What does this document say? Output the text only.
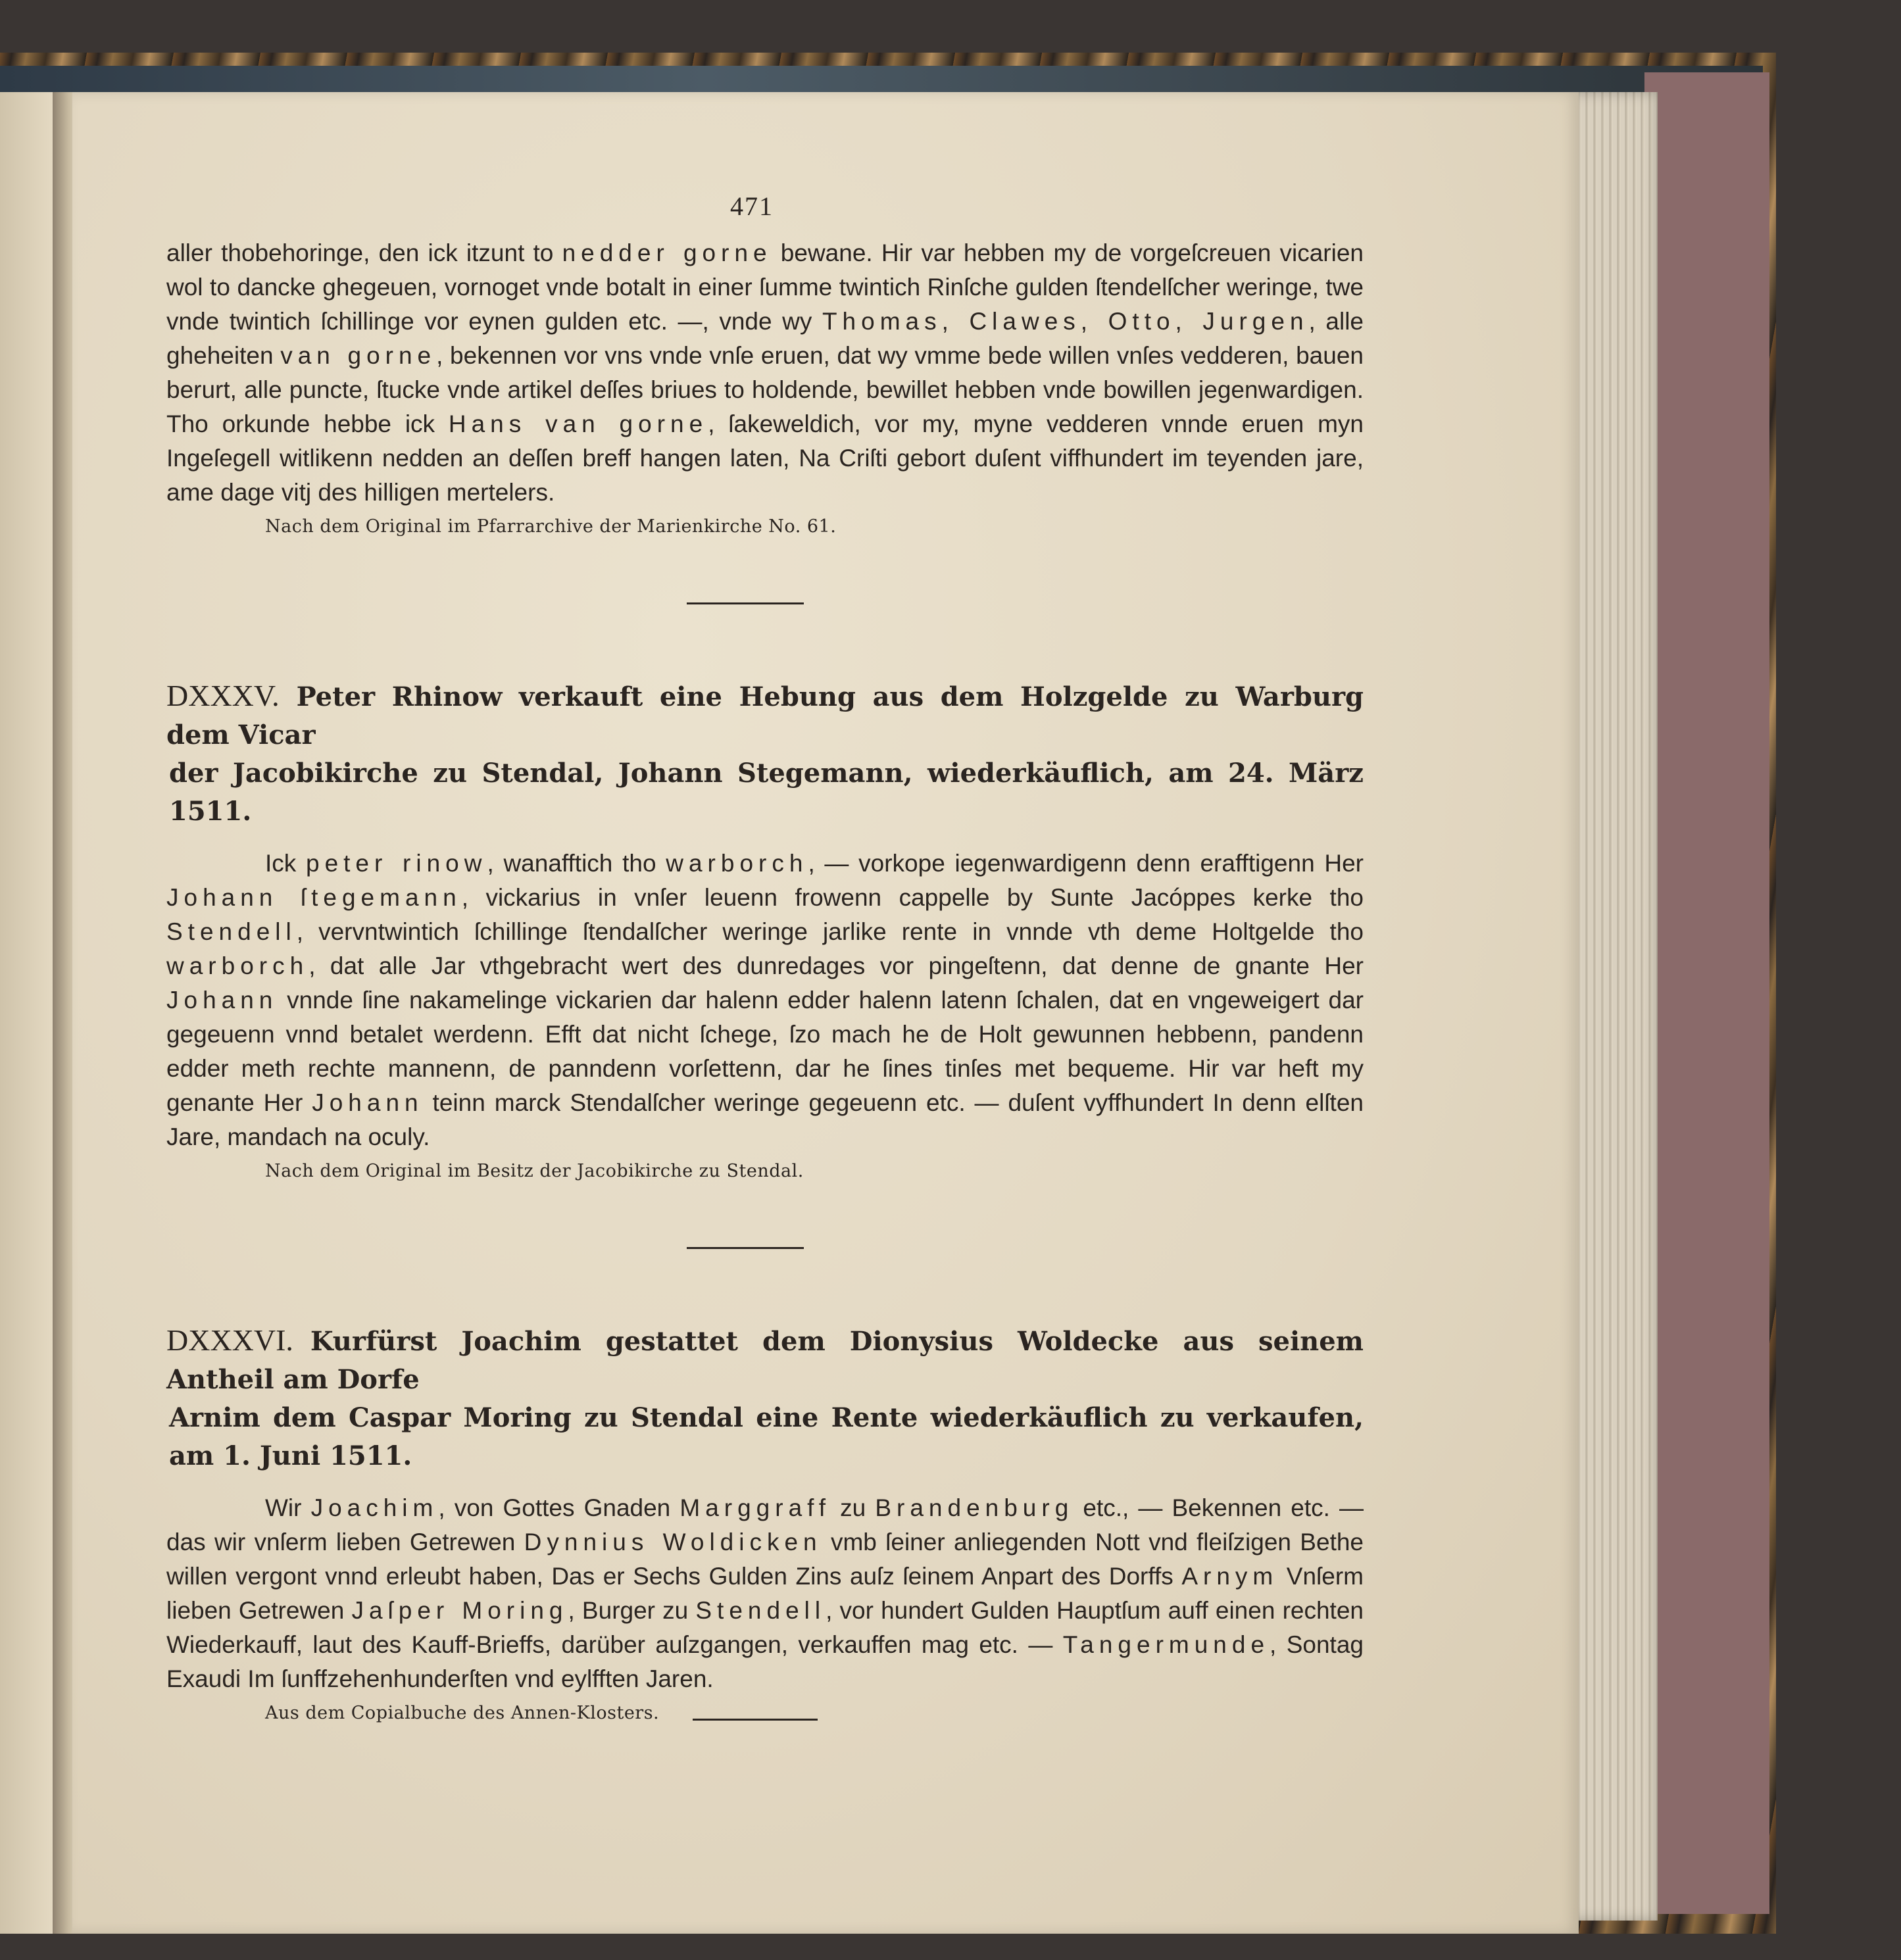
471

aller thobehoringe, den ick itzunt to nedder gorne bewane. Hir var hebben my de vorgeſcreuen vicarien wol to dancke ghegeuen, vornoget vnde botalt in einer ſumme twintich Rinſche gulden ſtendelſcher weringe, twe vnde twintich ſchillinge vor eynen gulden etc. —, vnde wy Thomas, Clawes, Otto, Jurgen, alle gheheiten van gorne, bekennen vor vns vnde vnſe eruen, dat wy vmme bede willen vnſes vedderen, bauen berurt, alle puncte, ſtucke vnde artikel deſſes briues to holdende, bewillet hebben vnde bowillen jegenwardigen. Tho orkunde hebbe ick Hans van gorne, ſakeweldich, vor my, myne vedderen vnnde eruen myn Ingeſegell witlikenn nedden an deſſen breff hangen laten, Na Criſti gebort duſent viffhundert im teyenden jare, ame dage vitj des hilligen mertelers.

Nach dem Original im Pfarrarchive der Marienkirche No. 61.

DXXXV. Peter Rhinow verkauft eine Hebung aus dem Holzgelde zu Warburg dem Vicar
der Jacobikirche zu Stendal, Johann Stegemann, wiederkäuflich, am 24. März 1511.

Ick peter rinow, wanafftich tho warborch, — vorkope iegenwardigenn denn erafftigenn Her Johann ſtegemann, vickarius in vnſer leuenn frowenn cappelle by Sunte Jacóppes kerke tho Stendell, vervntwintich ſchillinge ſtendalſcher weringe jarlike rente in vnnde vth deme Holtgelde tho warborch, dat alle Jar vthgebracht wert des dunredages vor pingeſtenn, dat denne de gnante Her Johann vnnde ſine nakamelinge vickarien dar halenn edder halenn latenn ſchalen, dat en vngeweigert dar gegeuenn vnnd betalet werdenn. Efft dat nicht ſchege, ſzo mach he de Holt gewunnen hebbenn, pandenn edder meth rechte mannenn, de panndenn vorſettenn, dar he ſines tinſes met bequeme. Hir var heft my genante Her Johann teinn marck Stendalſcher weringe gegeuenn etc. — duſent vyffhundert In denn elſten Jare, mandach na oculy.

Nach dem Original im Besitz der Jacobikirche zu Stendal.

DXXXVI. Kurfürst Joachim gestattet dem Dionysius Woldecke aus seinem Antheil am Dorfe
Arnim dem Caspar Moring zu Stendal eine Rente wiederkäuflich zu verkaufen, am 1. Juni 1511.

Wir Joachim, von Gottes Gnaden Marggraff zu Brandenburg etc., — Bekennen etc. — das wir vnſerm lieben Getrewen Dynnius Woldicken vmb ſeiner anliegenden Nott vnd fleiſzigen Bethe willen vergont vnnd erleubt haben, Das er Sechs Gulden Zins auſz ſeinem Anpart des Dorffs Arnym Vnſerm lieben Getrewen Jaſper Moring, Burger zu Stendell, vor hundert Gulden Hauptſum auff einen rechten Wiederkauff, laut des Kauff-Brieffs, darüber auſzgangen, verkauffen mag etc. — Tangermunde, Sontag Exaudi Im ſunffzehenhunderſten vnd eylfften Jaren.

Aus dem Copialbuche des Annen-Klosters.
